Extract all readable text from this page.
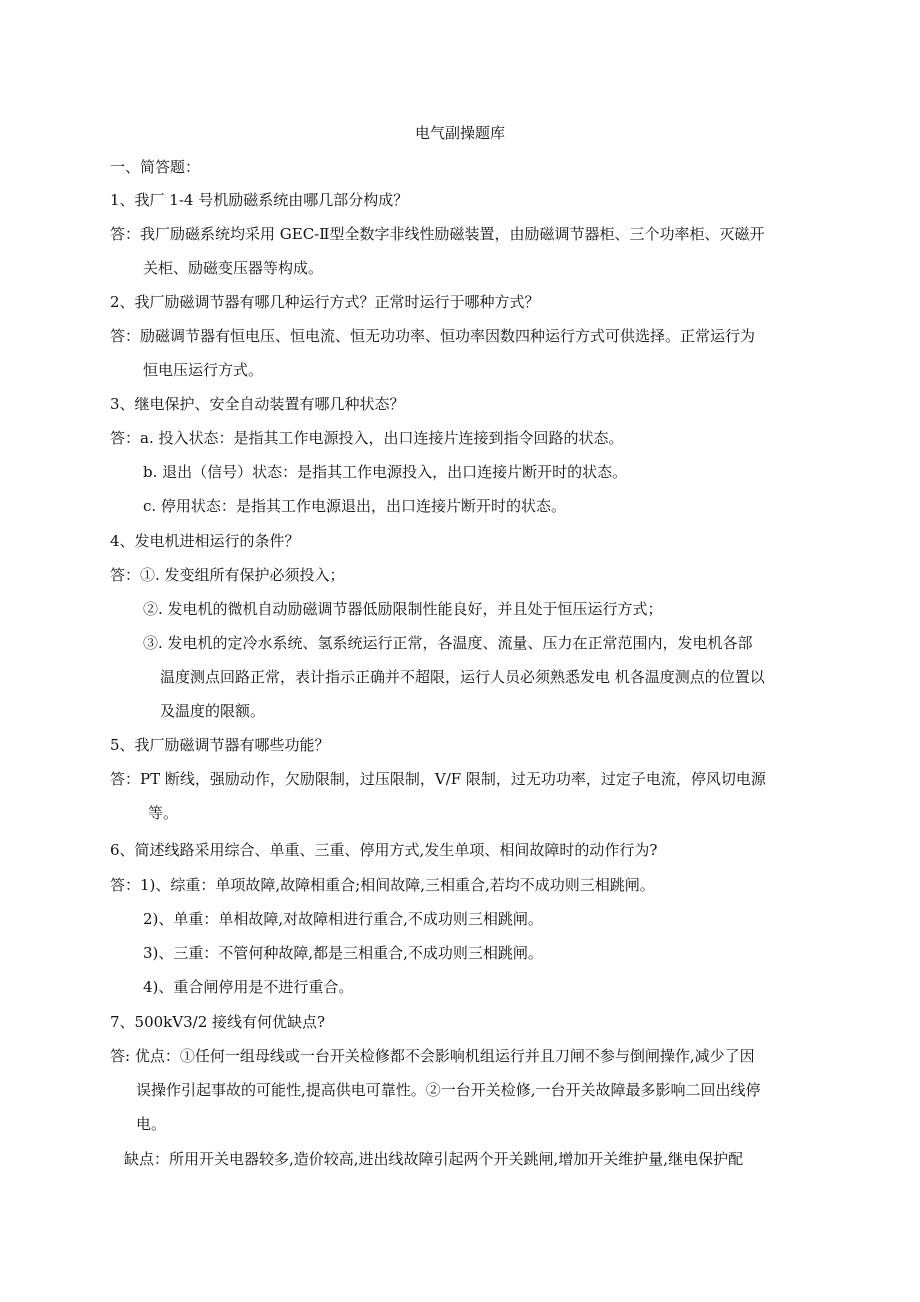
电气副操题库
一、简答题：
1、我厂 1-4 号机励磁系统由哪几部分构成？
答：我厂励磁系统均采用 GEC-Ⅱ型全数字非线性励磁装置，由励磁调节器柜、三个功率柜、灭磁开
关柜、励磁变压器等构成。
2、我厂励磁调节器有哪几种运行方式？正常时运行于哪种方式？
答：励磁调节器有恒电压、恒电流、恒无功功率、恒功率因数四种运行方式可供选择。正常运行为
恒电压运行方式。
3、继电保护、安全自动装置有哪几种状态？
答：a. 投入状态：是指其工作电源投入，出口连接片连接到指令回路的状态。
b. 退出（信号）状态：是指其工作电源投入，出口连接片断开时的状态。
c. 停用状态：是指其工作电源退出，出口连接片断开时的状态。
4、发电机进相运行的条件？
答：①. 发变组所有保护必须投入；
②. 发电机的微机自动励磁调节器低励限制性能良好，并且处于恒压运行方式；
③. 发电机的定冷水系统、氢系统运行正常，各温度、流量、压力在正常范围内，发电机各部
温度测点回路正常，表计指示正确并不超限，运行人员必须熟悉发电 机各温度测点的位置以
及温度的限额。
5、我厂励磁调节器有哪些功能？
答：PT 断线，强励动作，欠励限制，过压限制，V/F 限制，过无功功率，过定子电流，停风切电源
等。
6、简述线路采用综合、单重、三重、停用方式,发生单项、相间故障时的动作行为?
答：1)、综重：单项故障,故障相重合;相间故障,三相重合,若均不成功则三相跳闸。
2)、单重：单相故障,对故障相进行重合,不成功则三相跳闸。
3)、三重：不管何种故障,都是三相重合,不成功则三相跳闸。
4)、重合闸停用是不进行重合。
7、500kV3/2 接线有何优缺点?
答: 优点：①任何一组母线或一台开关检修都不会影响机组运行并且刀闸不参与倒闸操作,减少了因
误操作引起事故的可能性,提高供电可靠性。②一台开关检修,一台开关故障最多影响二回出线停
电。
缺点：所用开关电器较多,造价较高,进出线故障引起两个开关跳闸,增加开关维护量,继电保护配
